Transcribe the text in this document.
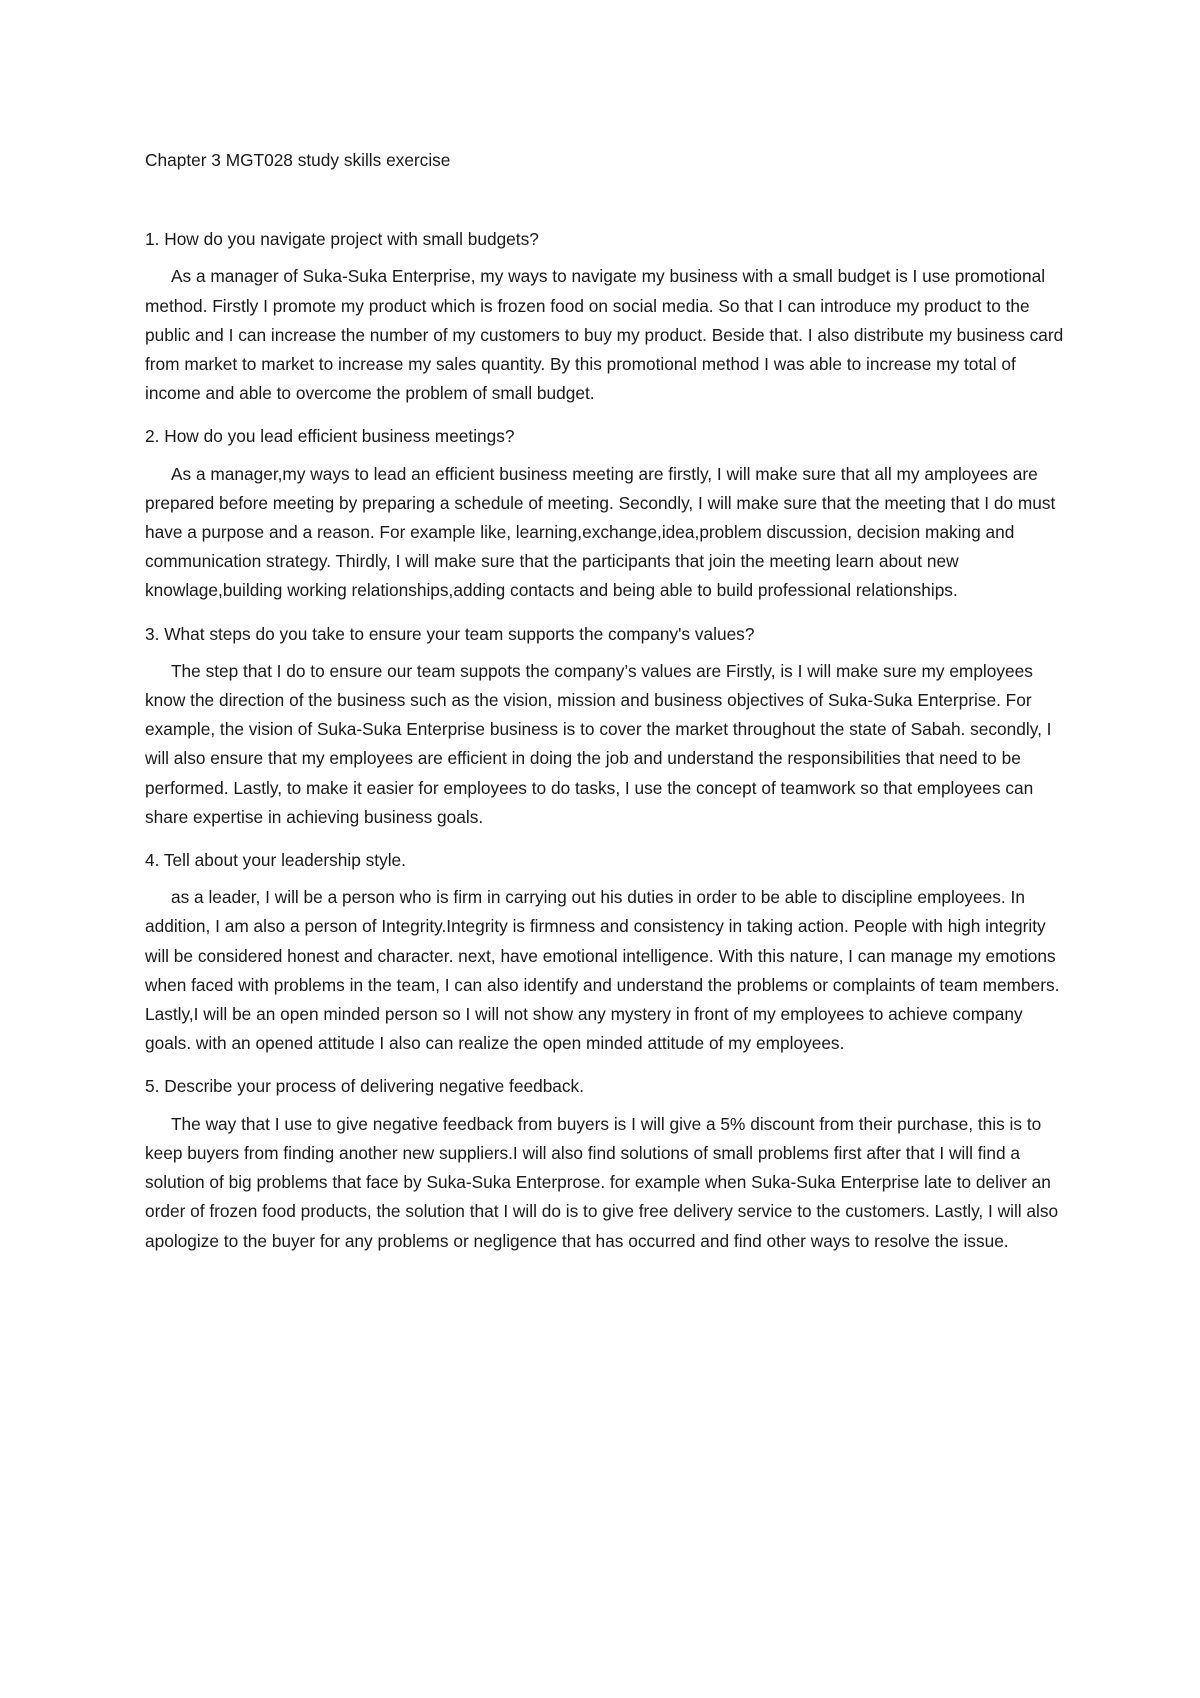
Chapter 3 MGT028 study skills exercise

1. How do you navigate project with small budgets?

As a manager of Suka-Suka Enterprise, my ways to navigate my business with a small budget is I use promotional method. Firstly I promote my product which is frozen food on social media. So that I can introduce my product to the public and I can increase the number of my customers to buy my product. Beside that. I also distribute my business card from market to market to increase my sales quantity. By this promotional method I was able to increase my total of income and able to overcome the problem of small budget.

2. How do you lead efficient business meetings?

As a manager,my ways to lead an efficient business meeting are firstly, I will make sure that all my amployees are prepared before meeting by preparing a schedule of meeting. Secondly, I will make sure that the meeting that I do must have a purpose and a reason. For example like, learning,exchange,idea,problem discussion, decision making and communication strategy. Thirdly, I will make sure that the participants that join the meeting learn about new knowlage,building working relationships,adding contacts and being able to build professional relationships.

3. What steps do you take to ensure your team supports the company's values?

The step that I do to ensure our team suppots the company’s values are Firstly, is I will make sure my employees know the direction of the business such as the vision, mission and business objectives of Suka-Suka Enterprise. For example, the vision of Suka-Suka Enterprise business is to cover the market throughout the state of Sabah. secondly, I will also ensure that my employees are efficient in doing the job and understand the responsibilities that need to be performed. Lastly, to make it easier for employees to do tasks, I use the concept of teamwork so that employees can share expertise in achieving business goals.

4. Tell about your leadership style.

as a leader, I will be a person who is firm in carrying out his duties in order to be able to discipline employees. In addition, I am also a person of Integrity.Integrity is firmness and consistency in taking action. People with high integrity will be considered honest and character. next, have emotional intelligence. With this nature, I can manage my emotions when faced with problems in the team, I can also identify and understand the problems or complaints of team members. Lastly,I will be an open minded person so I will not show any mystery in front of my employees to achieve company goals. with an opened attitude I also can realize the open minded attitude of my employees.

5. Describe your process of delivering negative feedback.

The way that I use to give negative feedback from buyers is I will give a 5% discount from their purchase, this is to keep buyers from finding another new suppliers.I will also find solutions of small problems first after that I will find a solution of big problems that face by Suka-Suka Enterprose. for example when Suka-Suka Enterprise late to deliver an order of frozen food products, the solution that I will do is to give free delivery service to the customers. Lastly, I will also apologize to the buyer for any problems or negligence that has occurred and find other ways to resolve the issue.
